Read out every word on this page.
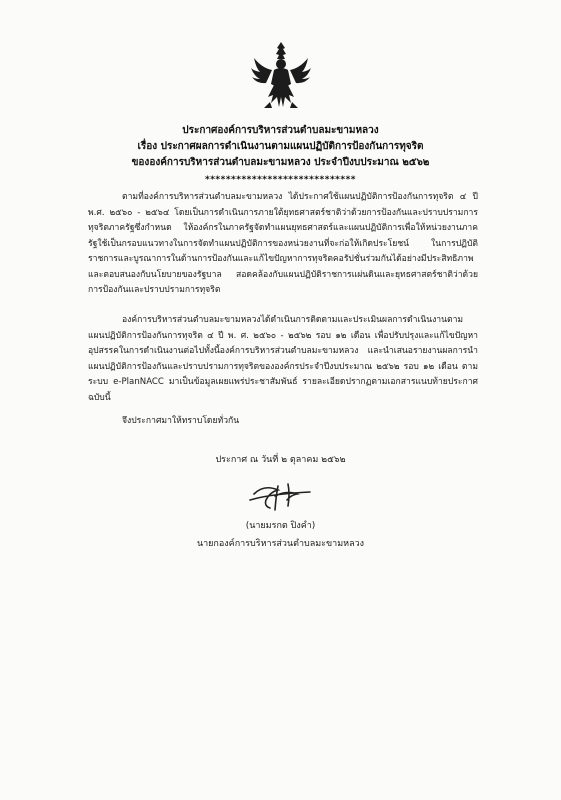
ประกาศองค์การบริหารส่วนตำบลมะขามหลวง
เรื่อง ประกาศผลการดำเนินงานตามแผนปฏิบัติการป้องกันการทุจริต
ขององค์การบริหารส่วนตำบลมะขามหลวง ประจำปีงบประมาณ ๒๕๖๒
*****************************

ตามที่องค์การบริหารส่วนตำบลมะขามหลวง ได้ประกาศใช้แผนปฏิบัติการป้องกันการทุจริต ๔ ปี พ.ศ. ๒๕๖๐ - ๒๕๖๔ โดยเป็นการดำเนินการภายใต้ยุทธศาสตร์ชาติว่าด้วยการป้องกันและปราบปรามการทุจริตภาครัฐซึ่งกำหนด ให้องค์กรในภาครัฐจัดทำแผนยุทธศาสตร์และแผนปฏิบัติการเพื่อให้หน่วยงานภาครัฐใช้เป็นกรอบแนวทางในการจัดทำแผนปฏิบัติการของหน่วยงานที่จะก่อให้เกิดประโยชน์ ในการปฏิบัติราชการและบูรณาการในด้านการป้องกันและแก้ไขปัญหาการทุจริตคอรัปชั่นร่วมกันได้อย่างมีประสิทธิภาพและตอบสนองกับนโยบายของรัฐบาล สอดคล้องกับแผนปฏิบัติราชการแผ่นดินและยุทธศาสตร์ชาติว่าด้วยการป้องกันและปราบปรามการทุจริต

องค์การบริหารส่วนตำบลมะขามหลวงได้ดำเนินการติดตามและประเมินผลการดำเนินงานตามแผนปฏิบัติการป้องกันการทุจริต ๔ ปี พ. ศ. ๒๕๖๐ - ๒๕๖๒ รอบ ๑๒ เดือน เพื่อปรับปรุงและแก้ไขปัญหาอุปสรรคในการดำเนินงานต่อไปทั้งนี้องค์การบริหารส่วนตำบลมะขามหลวง และนำเสนอรายงานผลการนำแผนปฏิบัติการป้องกันและปราบปรามการทุจริตขององค์กรประจำปีงบประมาณ ๒๕๖๒ รอบ ๑๒ เดือน ตามระบบ e-PlanNACC มาเป็นข้อมูลเผยแพร่ประชาสัมพันธ์ รายละเอียดปรากฏตามเอกสารแนบท้ายประกาศฉบับนี้

จึงประกาศมาให้ทราบโดยทั่วกัน

ประกาศ ณ วันที่ ๒ ตุลาคม ๒๕๖๒
(นายมรกต ปิงคำ)
นายกองค์การบริหารส่วนตำบลมะขามหลวง
